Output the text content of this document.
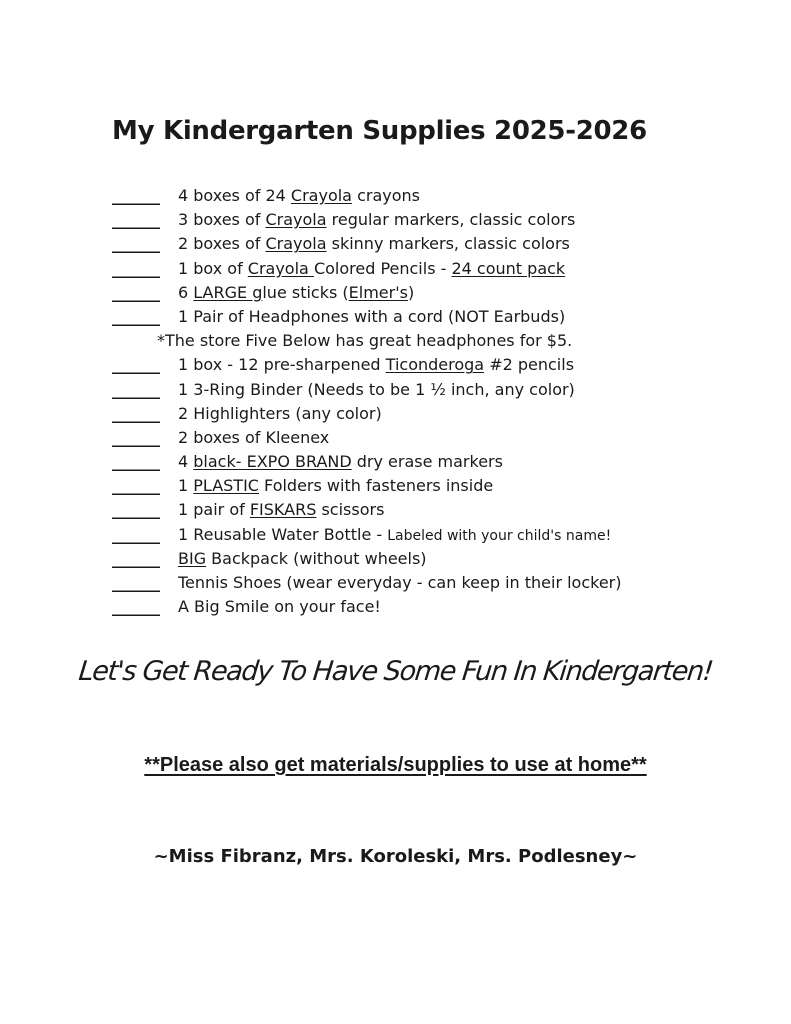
My Kindergarten Supplies 2025-2026
______ 4 boxes of 24 Crayola crayons
______ 3 boxes of Crayola regular markers, classic colors
______ 2 boxes of Crayola skinny markers, classic colors
______ 1 box of Crayola Colored Pencils - 24 count pack
______ 6 LARGE glue sticks (Elmer's)
______ 1 Pair of Headphones with a cord (NOT Earbuds)
*The store Five Below has great headphones for $5.
______ 1 box - 12 pre-sharpened Ticonderoga #2 pencils
______ 1 3-Ring Binder (Needs to be 1 ½ inch, any color)
______ 2 Highlighters (any color)
______ 2 boxes of Kleenex
______ 4 black- EXPO BRAND dry erase markers
______ 1 PLASTIC Folders with fasteners inside
______ 1 pair of FISKARS scissors
______ 1 Reusable Water Bottle - Labeled with your child's name!
______ BIG Backpack (without wheels)
______ Tennis Shoes (wear everyday - can keep in their locker)
______ A Big Smile on your face!
Let's Get Ready To Have Some Fun In Kindergarten!
**Please also get materials/supplies to use at home**
~Miss Fibranz, Mrs. Koroleski, Mrs. Podlesney~
